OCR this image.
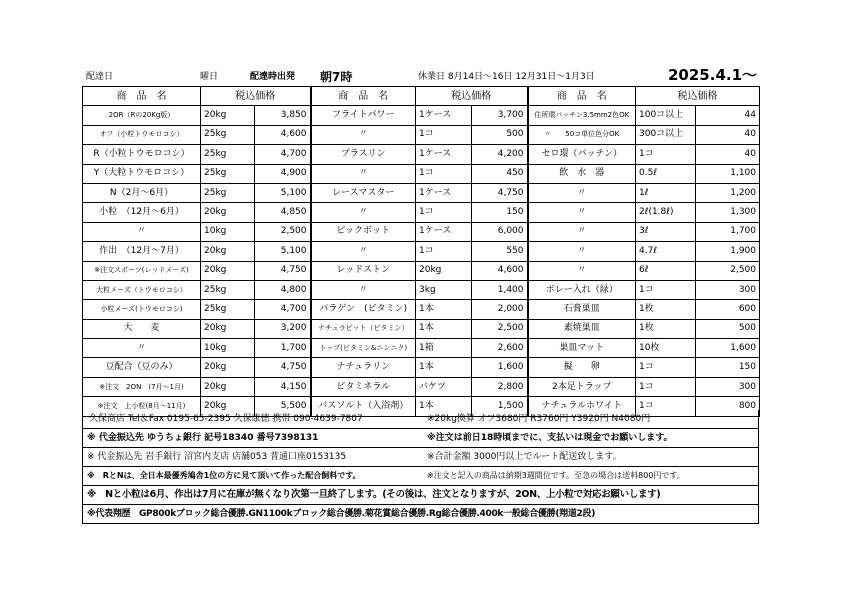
配達日	曜日	配達時出発 朝7時	休業日 8月14日～16日 12月31日～1月3日	2025.4.1～
商　品　名	税込価格		商　品　名	税込価格		商　品　名	税込価格	
2OR（Rの20Kg版）	20kg	3,850	フライトパワー	1ケース	3,700	住所環パッチン3.5mm2色OK	100コ以上	44
オフ（小粒トウモロコシ）	25kg	4,600	〃	1コ	500	〃　　50コ単位色分OK	300コ以上	40
R（小粒トウモロコシ）	25kg	4,700	プラスリン	1ケース	4,200	セロ環（パッチン）	1コ	40
Y（大粒トウモロコシ）	25kg	4,900	〃	1コ	450	飲　水　器	0.5ℓ	1,100
N（2月～6月）	25kg	5,100	レースマスター	1ケース	4,750	〃	1ℓ	1,200
小粒　（12月～6月）	20kg	4,850	〃	1コ	150	〃	2ℓ(1.8ℓ)	1,300
〃	10kg	2,500	ピックボット	1ケース	6,000	〃	3ℓ	1,700
作出　（12月～7月）	20kg	5,100	〃	1コ	550	〃	4.7ℓ	1,900
※注文スポーツ(レッドメーズ)	20kg	4,750	レッドストン	20kg	4,600	〃	6ℓ	2,500
大粒メーズ（トウモロコシ）	25kg	4,800	〃	3kg	1,400	ボレー入れ（緑）	1コ	300
小粒メーズ(トウモロコシ)	25kg	4,700	パラゲン　(ビタミン)	1本	2,000	石膏巣皿	1枚	600
大　　麦	20kg	3,200	ナチュラビット（ビタミン）	1本	2,500	素焼巣皿	1枚	500
〃	10kg	1,700	トップ(ビタミン&ニンニク)	1箱	2,600	巣皿マット	10枚	1,600
豆配合（豆のみ）	20kg	4,750	ナチュラリン	1本	1,600	擬　　卵	1コ	150
※注文　2ON　(7月～1月)	20kg	4,150	ビタミネラル	バケツ	2,800	2本足トラップ	1コ	300
※注文　上小粒(8月～11月)	20kg	5,500	バスソルト（入浴剤）	1本	1,500	ナチュラルホワイト	1コ	800
久保商店 Tel＆Fax 0195-65-2395 久保康徳 携帯 090-4639-7807	※20kg換算 オフ3680円 R3760円 Y3920円 N4080円
※ 代金振込先 ゆうちょ銀行 記号18340 番号7398131	※注文は前日18時頃までに、支払いは現金でお願いします。
※ 代金振込先 岩手銀行 沼宮内支店 店舗053 普通口座0153135	※合計金額 3000円以上でルート配送致します。
※　RとNは、全日本最優秀鳩舎1位の方に見て頂いて作った配合飼料です。	※注文と記入の商品は納期3週間位です。至急の場合は送料800円です。
※　Nと小粒は6月、作出は7月に在庫が無くなり次第一旦終了します。(その後は、注文となりますが、2ON、上小粒で対応お願いします)
※代表翔歴　GP800kブロック総合優勝.GN1100kブロック総合優勝.菊花賞総合優勝.Rg総合優勝.400k一般総合優勝(翔道2段)
